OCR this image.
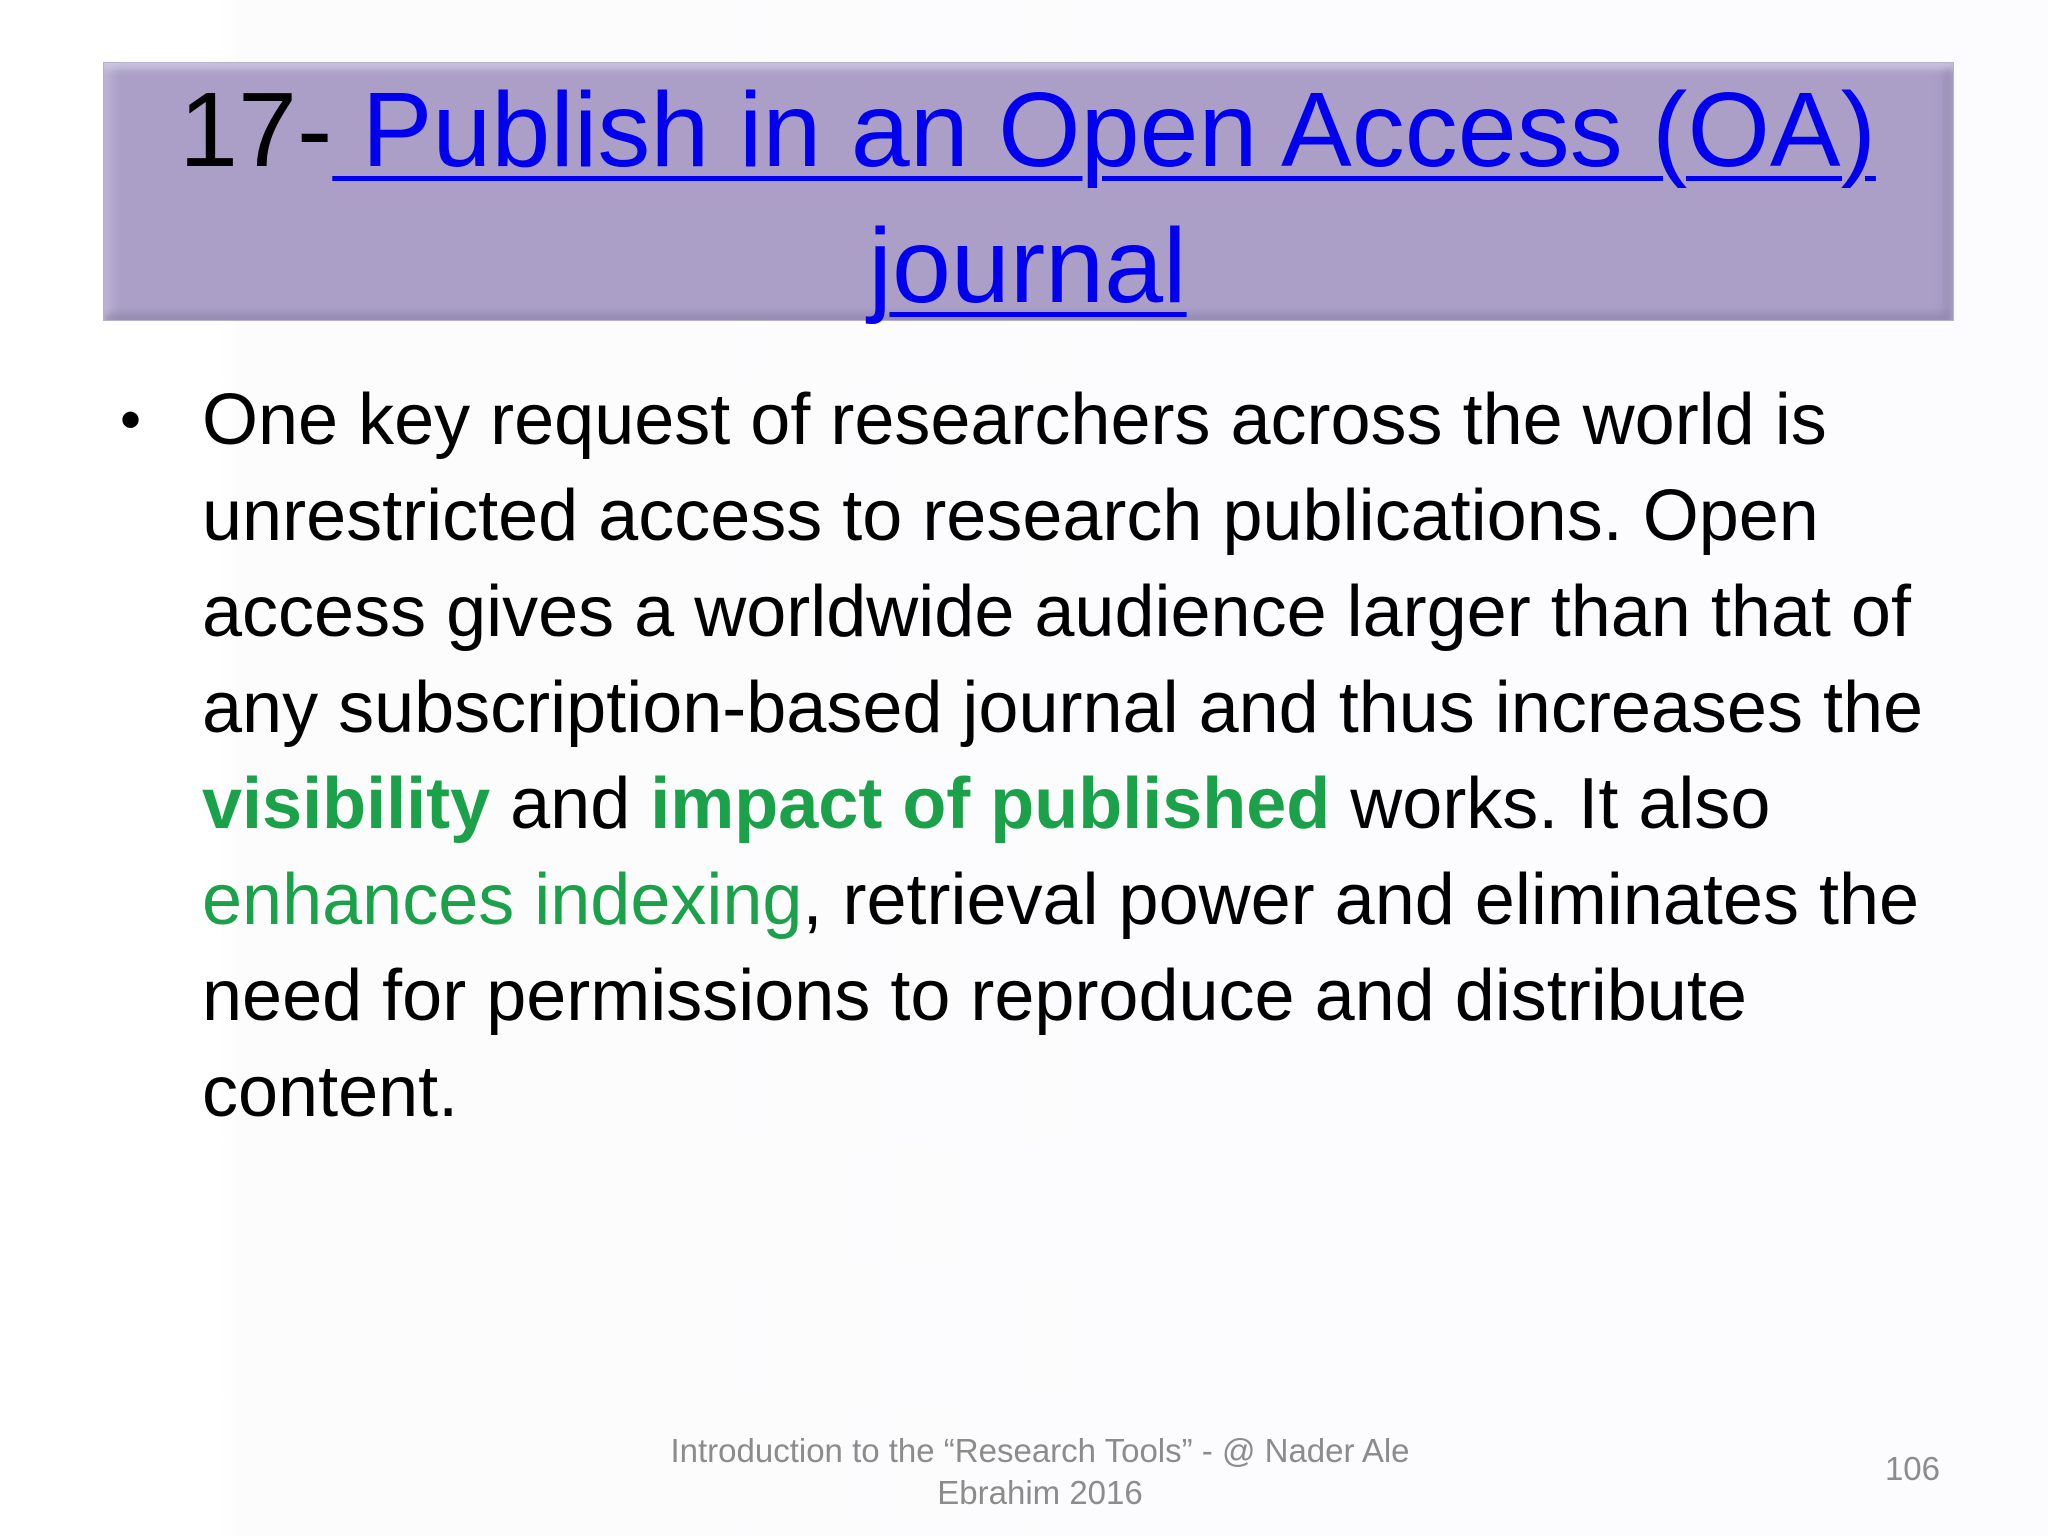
17- Publish in an Open Access (OA) journal
• One key request of researchers across the world is unrestricted access to research publications. Open access gives a worldwide audience larger than that of any subscription-based journal and thus increases the visibility and impact of published works. It also enhances indexing, retrieval power and eliminates the need for permissions to reproduce and distribute content.
Introduction to the “Research Tools” - @ Nader Ale Ebrahim 2016
106
